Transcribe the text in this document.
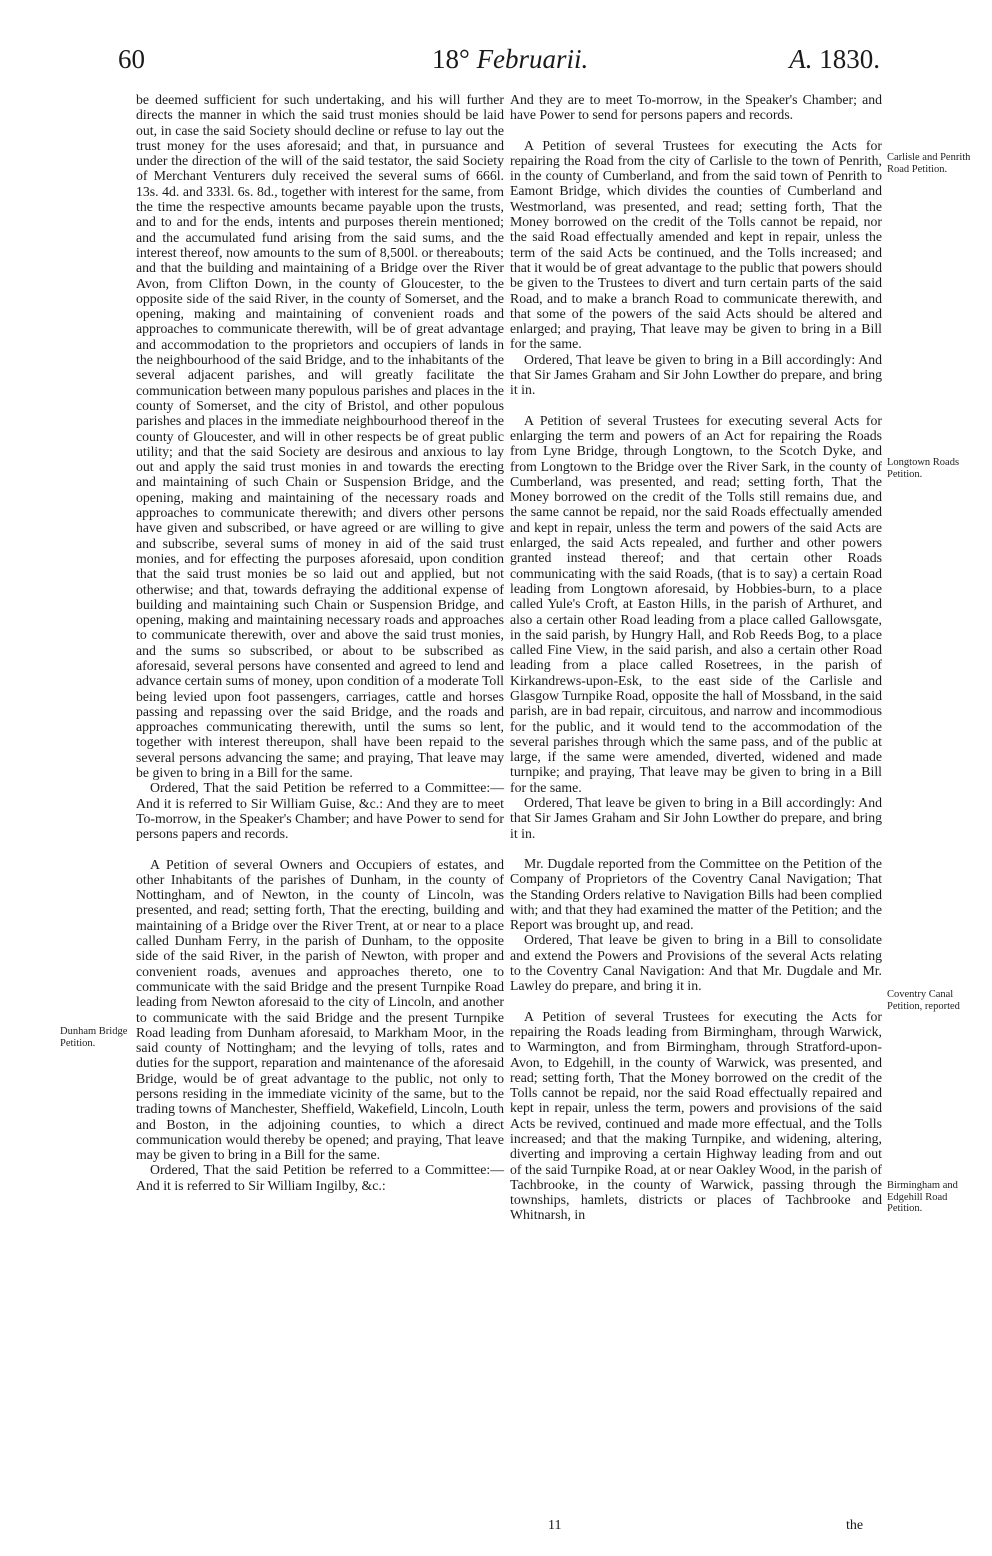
60	18° Februarii.	A. 1830.
Dunham Bridge Petition.
Carlisle and Penrith Road Petition.
Longtown Roads Petition.
Coventry Canal Petition, reported
Birmingham and Edgehill Road Petition.

be deemed sufficient for such undertaking, and his will further directs the manner in which the said trust monies should be laid out, in case the said Society should decline or refuse to lay out the trust money for the uses aforesaid; and that, in pursuance and under the direction of the will of the said testator, the said Society of Merchant Venturers duly received the several sums of 666l. 13s. 4d. and 333l. 6s. 8d., together with interest for the same, from the time the respective amounts became payable upon the trusts, and to and for the ends, intents and purposes therein mentioned; and the accumulated fund arising from the said sums, and the interest thereof, now amounts to the sum of 8,500l. or thereabouts; and that the building and maintaining of a Bridge over the River Avon, from Clifton Down, in the county of Gloucester, to the opposite side of the said River, in the county of Somerset, and the opening, making and maintaining of convenient roads and approaches to communicate therewith, will be of great advantage and accommodation to the proprietors and occupiers of lands in the neighbourhood of the said Bridge, and to the inhabitants of the several adjacent parishes, and will greatly facilitate the communication between many populous parishes and places in the county of Somerset, and the city of Bristol, and other populous parishes and places in the immediate neighbourhood thereof in the county of Gloucester, and will in other respects be of great public utility; and that the said Society are desirous and anxious to lay out and apply the said trust monies in and towards the erecting and maintaining of such Chain or Suspension Bridge, and the opening, making and maintaining of the necessary roads and approaches to communicate therewith; and divers other persons have given and subscribed, or have agreed or are willing to give and subscribe, several sums of money in aid of the said trust monies, and for effecting the purposes aforesaid, upon condition that the said trust monies be so laid out and applied, but not otherwise; and that, towards defraying the additional expense of building and maintaining such Chain or Suspension Bridge, and opening, making and maintaining necessary roads and approaches to communicate therewith, over and above the said trust monies, and the sums so subscribed, or about to be subscribed as aforesaid, several persons have consented and agreed to lend and advance certain sums of money, upon condition of a moderate Toll being levied upon foot passengers, carriages, cattle and horses passing and repassing over the said Bridge, and the roads and approaches communicating therewith, until the sums so lent, together with interest thereupon, shall have been repaid to the several persons advancing the same; and praying, That leave may be given to bring in a Bill for the same.

Ordered, That the said Petition be referred to a Committee:—And it is referred to Sir William Guise, &c.: And they are to meet To-morrow, in the Speaker's Chamber; and have Power to send for persons papers and records.

A Petition of several Owners and Occupiers of estates, and other Inhabitants of the parishes of Dunham, in the county of Nottingham, and of Newton, in the county of Lincoln, was presented, and read; setting forth, That the erecting, building and maintaining of a Bridge over the River Trent, at or near to a place called Dunham Ferry, in the parish of Dunham, to the opposite side of the said River, in the parish of Newton, with proper and convenient roads, avenues and approaches thereto, one to communicate with the said Bridge and the present Turnpike Road leading from Newton aforesaid to the city of Lincoln, and another to communicate with the said Bridge and the present Turnpike Road leading from Dunham aforesaid, to Markham Moor, in the said county of Nottingham; and the levying of tolls, rates and duties for the support, reparation and maintenance of the aforesaid Bridge, would be of great advantage to the public, not only to persons residing in the immediate vicinity of the same, but to the trading towns of Manchester, Sheffield, Wakefield, Lincoln, Louth and Boston, in the adjoining counties, to which a direct communication would thereby be opened; and praying, That leave may be given to bring in a Bill for the same.

Ordered, That the said Petition be referred to a Committee:—And it is referred to Sir William Ingilby, &c.:

And they are to meet To-morrow, in the Speaker's Chamber; and have Power to send for persons papers and records.

A Petition of several Trustees for executing the Acts for repairing the Road from the city of Carlisle to the town of Penrith, in the county of Cumberland, and from the said town of Penrith to Eamont Bridge, which divides the counties of Cumberland and Westmorland, was presented, and read; setting forth, That the Money borrowed on the credit of the Tolls cannot be repaid, nor the said Road effectually amended and kept in repair, unless the term of the said Acts be continued, and the Tolls increased; and that it would be of great advantage to the public that powers should be given to the Trustees to divert and turn certain parts of the said Road, and to make a branch Road to communicate therewith, and that some of the powers of the said Acts should be altered and enlarged; and praying, That leave may be given to bring in a Bill for the same.

Ordered, That leave be given to bring in a Bill accordingly: And that Sir James Graham and Sir John Lowther do prepare, and bring it in.

A Petition of several Trustees for executing several Acts for enlarging the term and powers of an Act for repairing the Roads from Lyne Bridge, through Longtown, to the Scotch Dyke, and from Longtown to the Bridge over the River Sark, in the county of Cumberland, was presented, and read; setting forth, That the Money borrowed on the credit of the Tolls still remains due, and the same cannot be repaid, nor the said Roads effectually amended and kept in repair, unless the term and powers of the said Acts are enlarged, the said Acts repealed, and further and other powers granted instead thereof; and that certain other Roads communicating with the said Roads, (that is to say) a certain Road leading from Longtown aforesaid, by Hobbies-burn, to a place called Yule's Croft, at Easton Hills, in the parish of Arthuret, and also a certain other Road leading from a place called Gallowsgate, in the said parish, by Hungry Hall, and Rob Reeds Bog, to a place called Fine View, in the said parish, and also a certain other Road leading from a place called Rosetrees, in the parish of Kirkandrews-upon-Esk, to the east side of the Carlisle and Glasgow Turnpike Road, opposite the hall of Mossband, in the said parish, are in bad repair, circuitous, and narrow and incommodious for the public, and it would tend to the accommodation of the several parishes through which the same pass, and of the public at large, if the same were amended, diverted, widened and made turnpike; and praying, That leave may be given to bring in a Bill for the same.

Ordered, That leave be given to bring in a Bill accordingly: And that Sir James Graham and Sir John Lowther do prepare, and bring it in.

Mr. Dugdale reported from the Committee on the Petition of the Company of Proprietors of the Coventry Canal Navigation; That the Standing Orders relative to Navigation Bills had been complied with; and that they had examined the matter of the Petition; and the Report was brought up, and read.

Ordered, That leave be given to bring in a Bill to consolidate and extend the Powers and Provisions of the several Acts relating to the Coventry Canal Navigation: And that Mr. Dugdale and Mr. Lawley do prepare, and bring it in.

A Petition of several Trustees for executing the Acts for repairing the Roads leading from Birmingham, through Warwick, to Warmington, and from Birmingham, through Stratford-upon-Avon, to Edgehill, in the county of Warwick, was presented, and read; setting forth, That the Money borrowed on the credit of the Tolls cannot be repaid, nor the said Road effectually repaired and kept in repair, unless the term, powers and provisions of the said Acts be revived, continued and made more effectual, and the Tolls increased; and that the making Turnpike, and widening, altering, diverting and improving a certain Highway leading from and out of the said Turnpike Road, at or near Oakley Wood, in the parish of Tachbrooke, in the county of Warwick, passing through the townships, hamlets, districts or places of Tachbrooke and Whitnarsh, in

11	the
